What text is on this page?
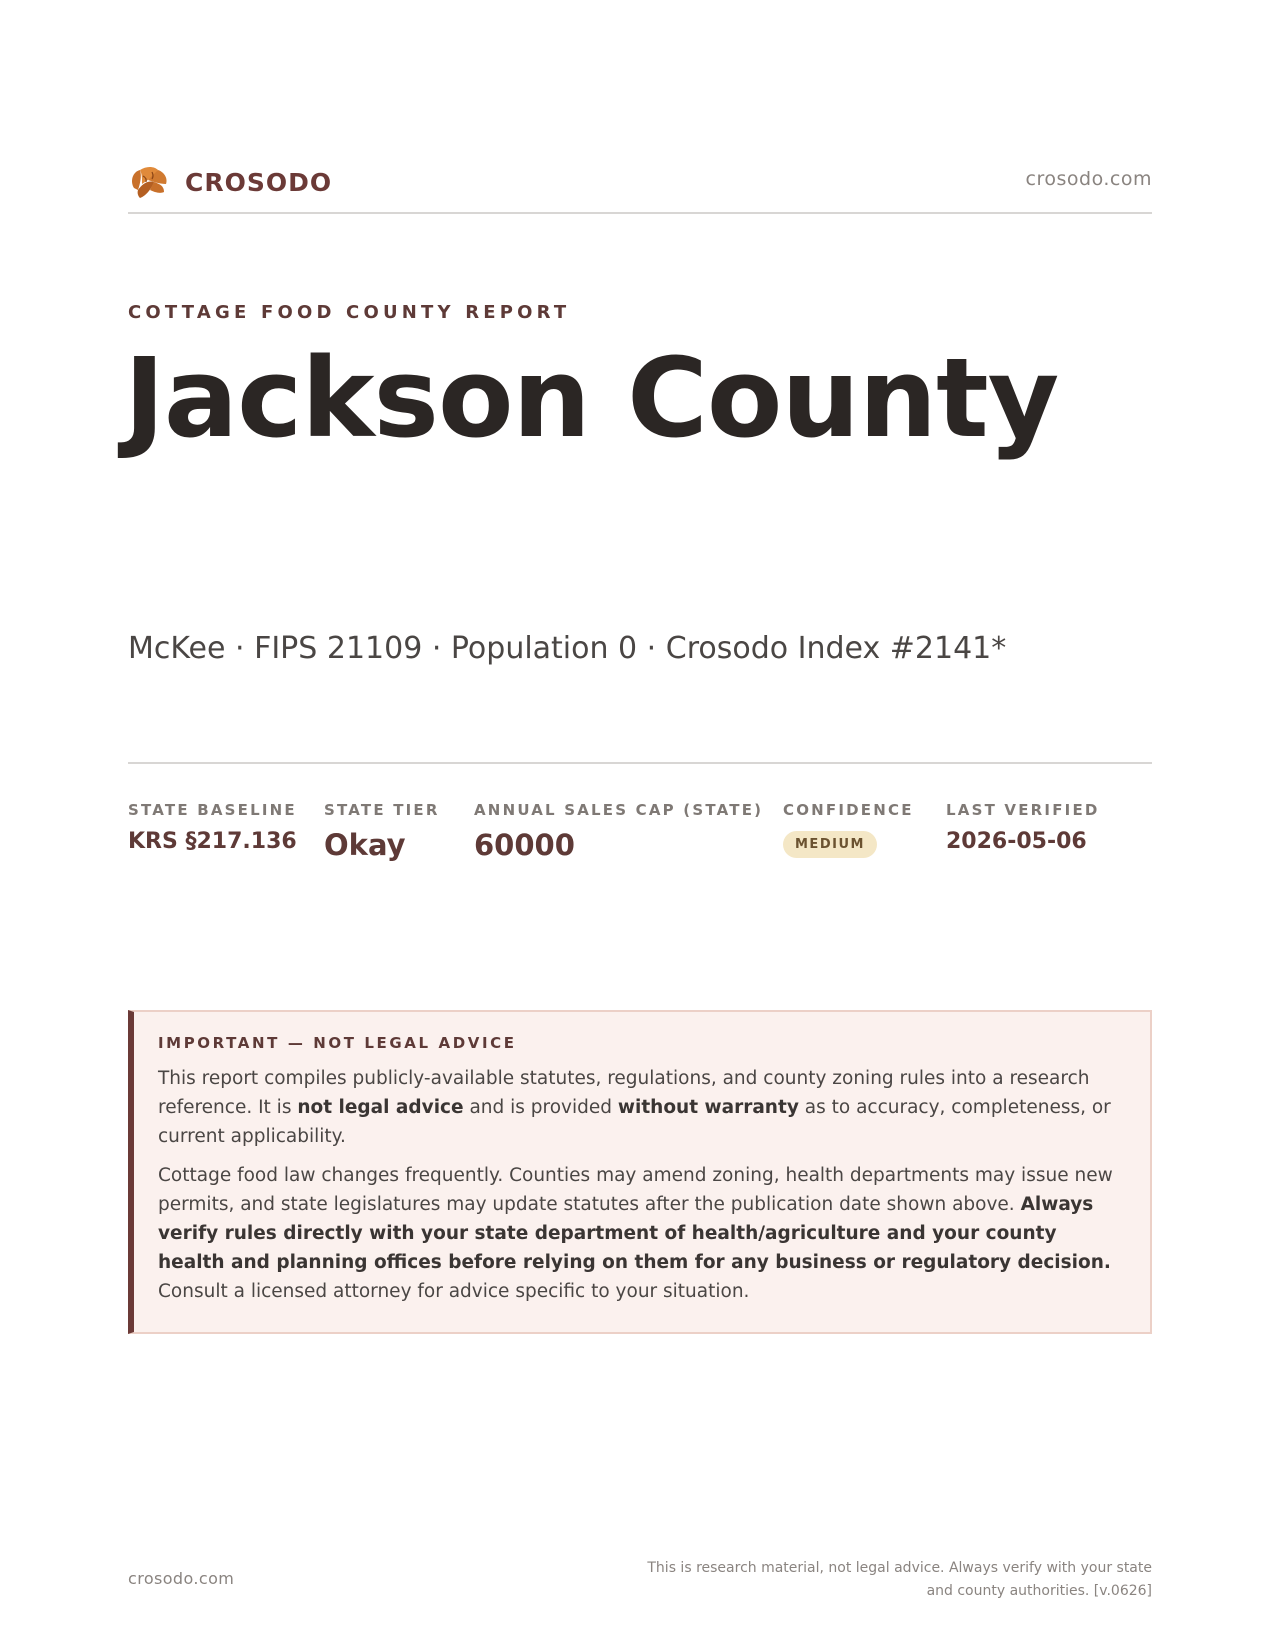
CROSODO	crosodo.com
COTTAGE FOOD COUNTY REPORT
Jackson County
McKee · FIPS 21109 · Population 0 · Crosodo Index #2141*
STATE BASELINE
KRS §217.136
STATE TIER
Okay
ANNUAL SALES CAP (STATE)
60000
CONFIDENCE
MEDIUM
LAST VERIFIED
2026-05-06
IMPORTANT — NOT LEGAL ADVICE

This report compiles publicly-available statutes, regulations, and county zoning rules into a research reference. It is not legal advice and is provided without warranty as to accuracy, completeness, or current applicability.

Cottage food law changes frequently. Counties may amend zoning, health departments may issue new permits, and state legislatures may update statutes after the publication date shown above. Always verify rules directly with your state department of health/agriculture and your county health and planning offices before relying on them for any business or regulatory decision. Consult a licensed attorney for advice specific to your situation.

crosodo.com
This is research material, not legal advice. Always verify with your state
and county authorities. [v.0626]
